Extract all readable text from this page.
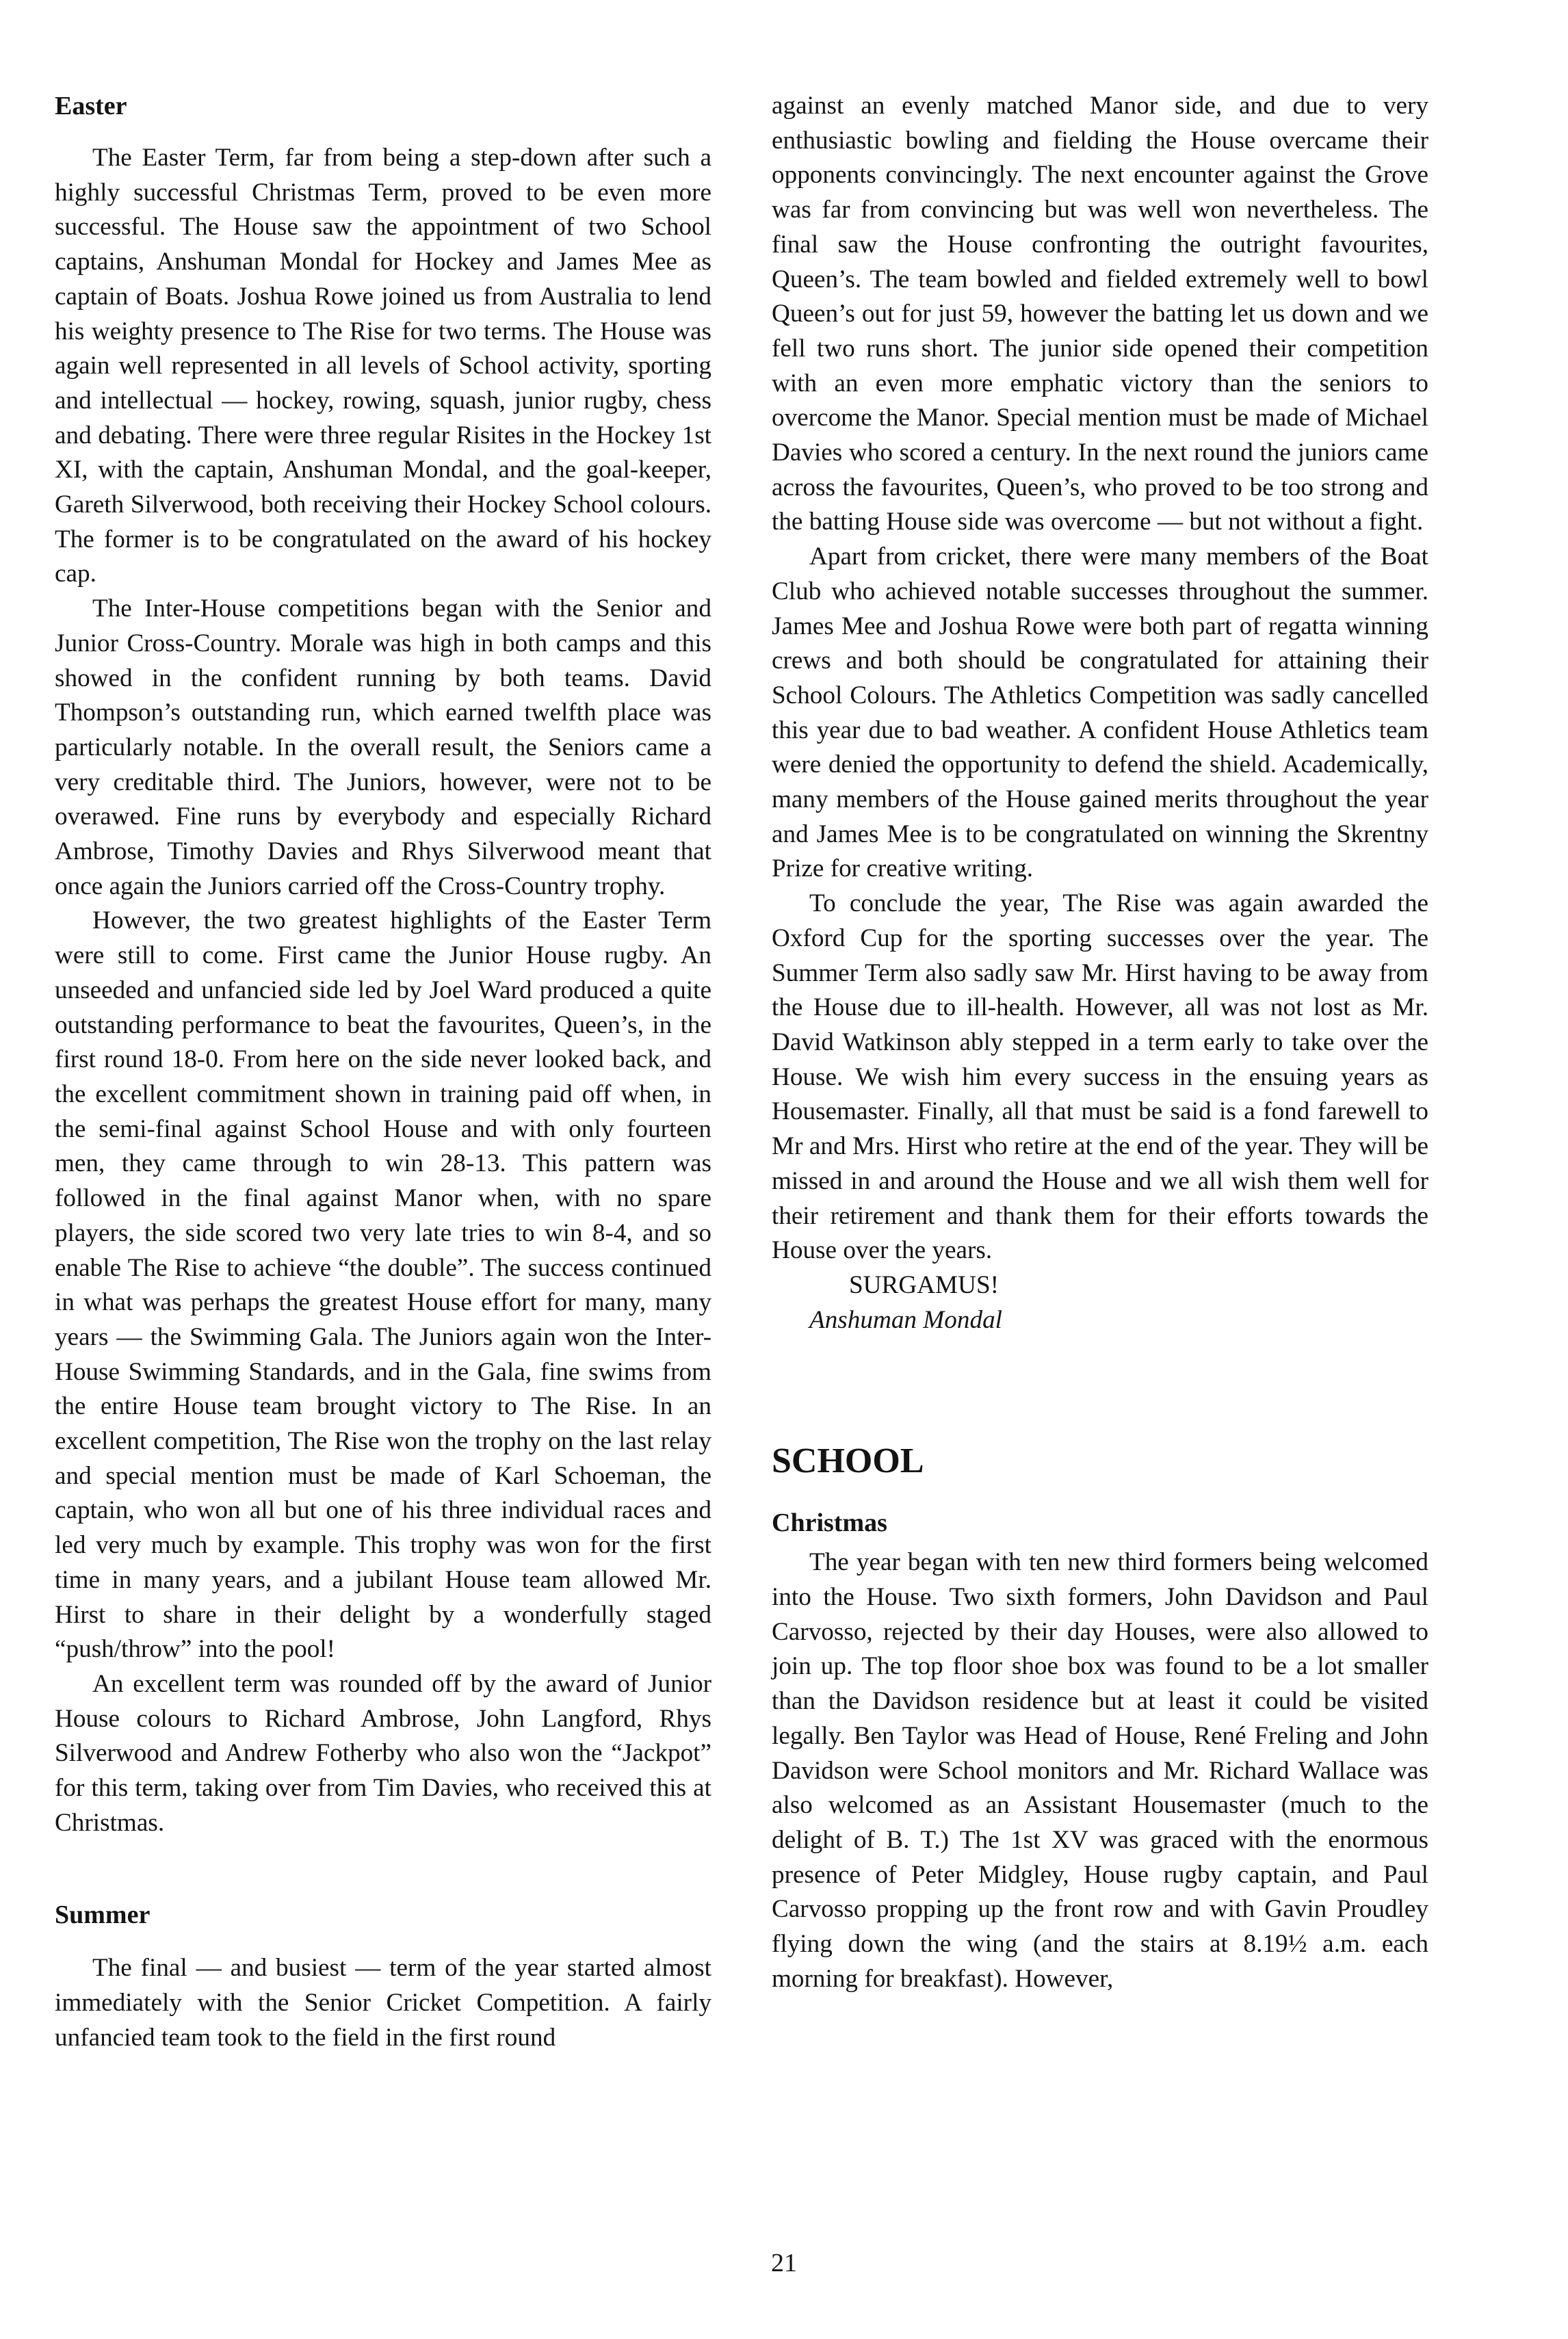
Easter

The Easter Term, far from being a step-down after such a highly successful Christmas Term, proved to be even more successful. The House saw the appointment of two School captains, Anshuman Mondal for Hockey and James Mee as captain of Boats. Joshua Rowe joined us from Australia to lend his weighty presence to The Rise for two terms. The House was again well represented in all levels of School activity, sporting and intellectual — hockey, rowing, squash, junior rugby, chess and debating. There were three regular Risites in the Hockey 1st XI, with the captain, Anshuman Mondal, and the goal-keeper, Gareth Silverwood, both receiving their Hockey School colours. The former is to be congratulated on the award of his hockey cap.

The Inter-House competitions began with the Senior and Junior Cross-Country. Morale was high in both camps and this showed in the confident running by both teams. David Thompson’s outstanding run, which earned twelfth place was particularly notable. In the overall result, the Seniors came a very creditable third. The Juniors, however, were not to be overawed. Fine runs by everybody and especially Richard Ambrose, Timothy Davies and Rhys Silverwood meant that once again the Juniors carried off the Cross-Country trophy.

However, the two greatest highlights of the Easter Term were still to come. First came the Junior House rugby. An unseeded and unfancied side led by Joel Ward produced a quite outstanding performance to beat the favourites, Queen’s, in the first round 18-0. From here on the side never looked back, and the excellent commitment shown in training paid off when, in the semi-final against School House and with only fourteen men, they came through to win 28-13. This pattern was followed in the final against Manor when, with no spare players, the side scored two very late tries to win 8-4, and so enable The Rise to achieve “the double”. The success continued in what was perhaps the greatest House effort for many, many years — the Swimming Gala. The Juniors again won the Inter-House Swimming Standards, and in the Gala, fine swims from the entire House team brought victory to The Rise. In an excellent competition, The Rise won the trophy on the last relay and special mention must be made of Karl Schoeman, the captain, who won all but one of his three individual races and led very much by example. This trophy was won for the first time in many years, and a jubilant House team allowed Mr. Hirst to share in their delight by a wonderfully staged “push/throw” into the pool!

An excellent term was rounded off by the award of Junior House colours to Richard Ambrose, John Langford, Rhys Silverwood and Andrew Fotherby who also won the “Jackpot” for this term, taking over from Tim Davies, who received this at Christmas.

Summer

The final — and busiest — term of the year started almost immediately with the Senior Cricket Competition. A fairly unfancied team took to the field in the first round

against an evenly matched Manor side, and due to very enthusiastic bowling and fielding the House overcame their opponents convincingly. The next encounter against the Grove was far from convincing but was well won nevertheless. The final saw the House confronting the outright favourites, Queen’s. The team bowled and fielded extremely well to bowl Queen’s out for just 59, however the batting let us down and we fell two runs short. The junior side opened their competition with an even more emphatic victory than the seniors to overcome the Manor. Special mention must be made of Michael Davies who scored a century. In the next round the juniors came across the favourites, Queen’s, who proved to be too strong and the batting House side was overcome — but not without a fight.

Apart from cricket, there were many members of the Boat Club who achieved notable successes throughout the summer. James Mee and Joshua Rowe were both part of regatta winning crews and both should be congratulated for attaining their School Colours. The Athletics Competition was sadly cancelled this year due to bad weather. A confident House Athletics team were denied the opportunity to defend the shield. Academically, many members of the House gained merits throughout the year and James Mee is to be congratulated on winning the Skrentny Prize for creative writing.

To conclude the year, The Rise was again awarded the Oxford Cup for the sporting successes over the year. The Summer Term also sadly saw Mr. Hirst having to be away from the House due to ill-health. However, all was not lost as Mr. David Watkinson ably stepped in a term early to take over the House. We wish him every success in the ensuing years as Housemaster. Finally, all that must be said is a fond farewell to Mr and Mrs. Hirst who retire at the end of the year. They will be missed in and around the House and we all wish them well for their retirement and thank them for their efforts towards the House over the years.

SURGAMUS!

Anshuman Mondal

SCHOOL
Christmas

The year began with ten new third formers being welcomed into the House. Two sixth formers, John Davidson and Paul Carvosso, rejected by their day Houses, were also allowed to join up. The top floor shoe box was found to be a lot smaller than the Davidson residence but at least it could be visited legally. Ben Taylor was Head of House, René Freling and John Davidson were School monitors and Mr. Richard Wallace was also welcomed as an Assistant Housemaster (much to the delight of B. T.) The 1st XV was graced with the enormous presence of Peter Midgley, House rugby captain, and Paul Carvosso propping up the front row and with Gavin Proudley flying down the wing (and the stairs at 8.19½ a.m. each morning for breakfast). However,

21
